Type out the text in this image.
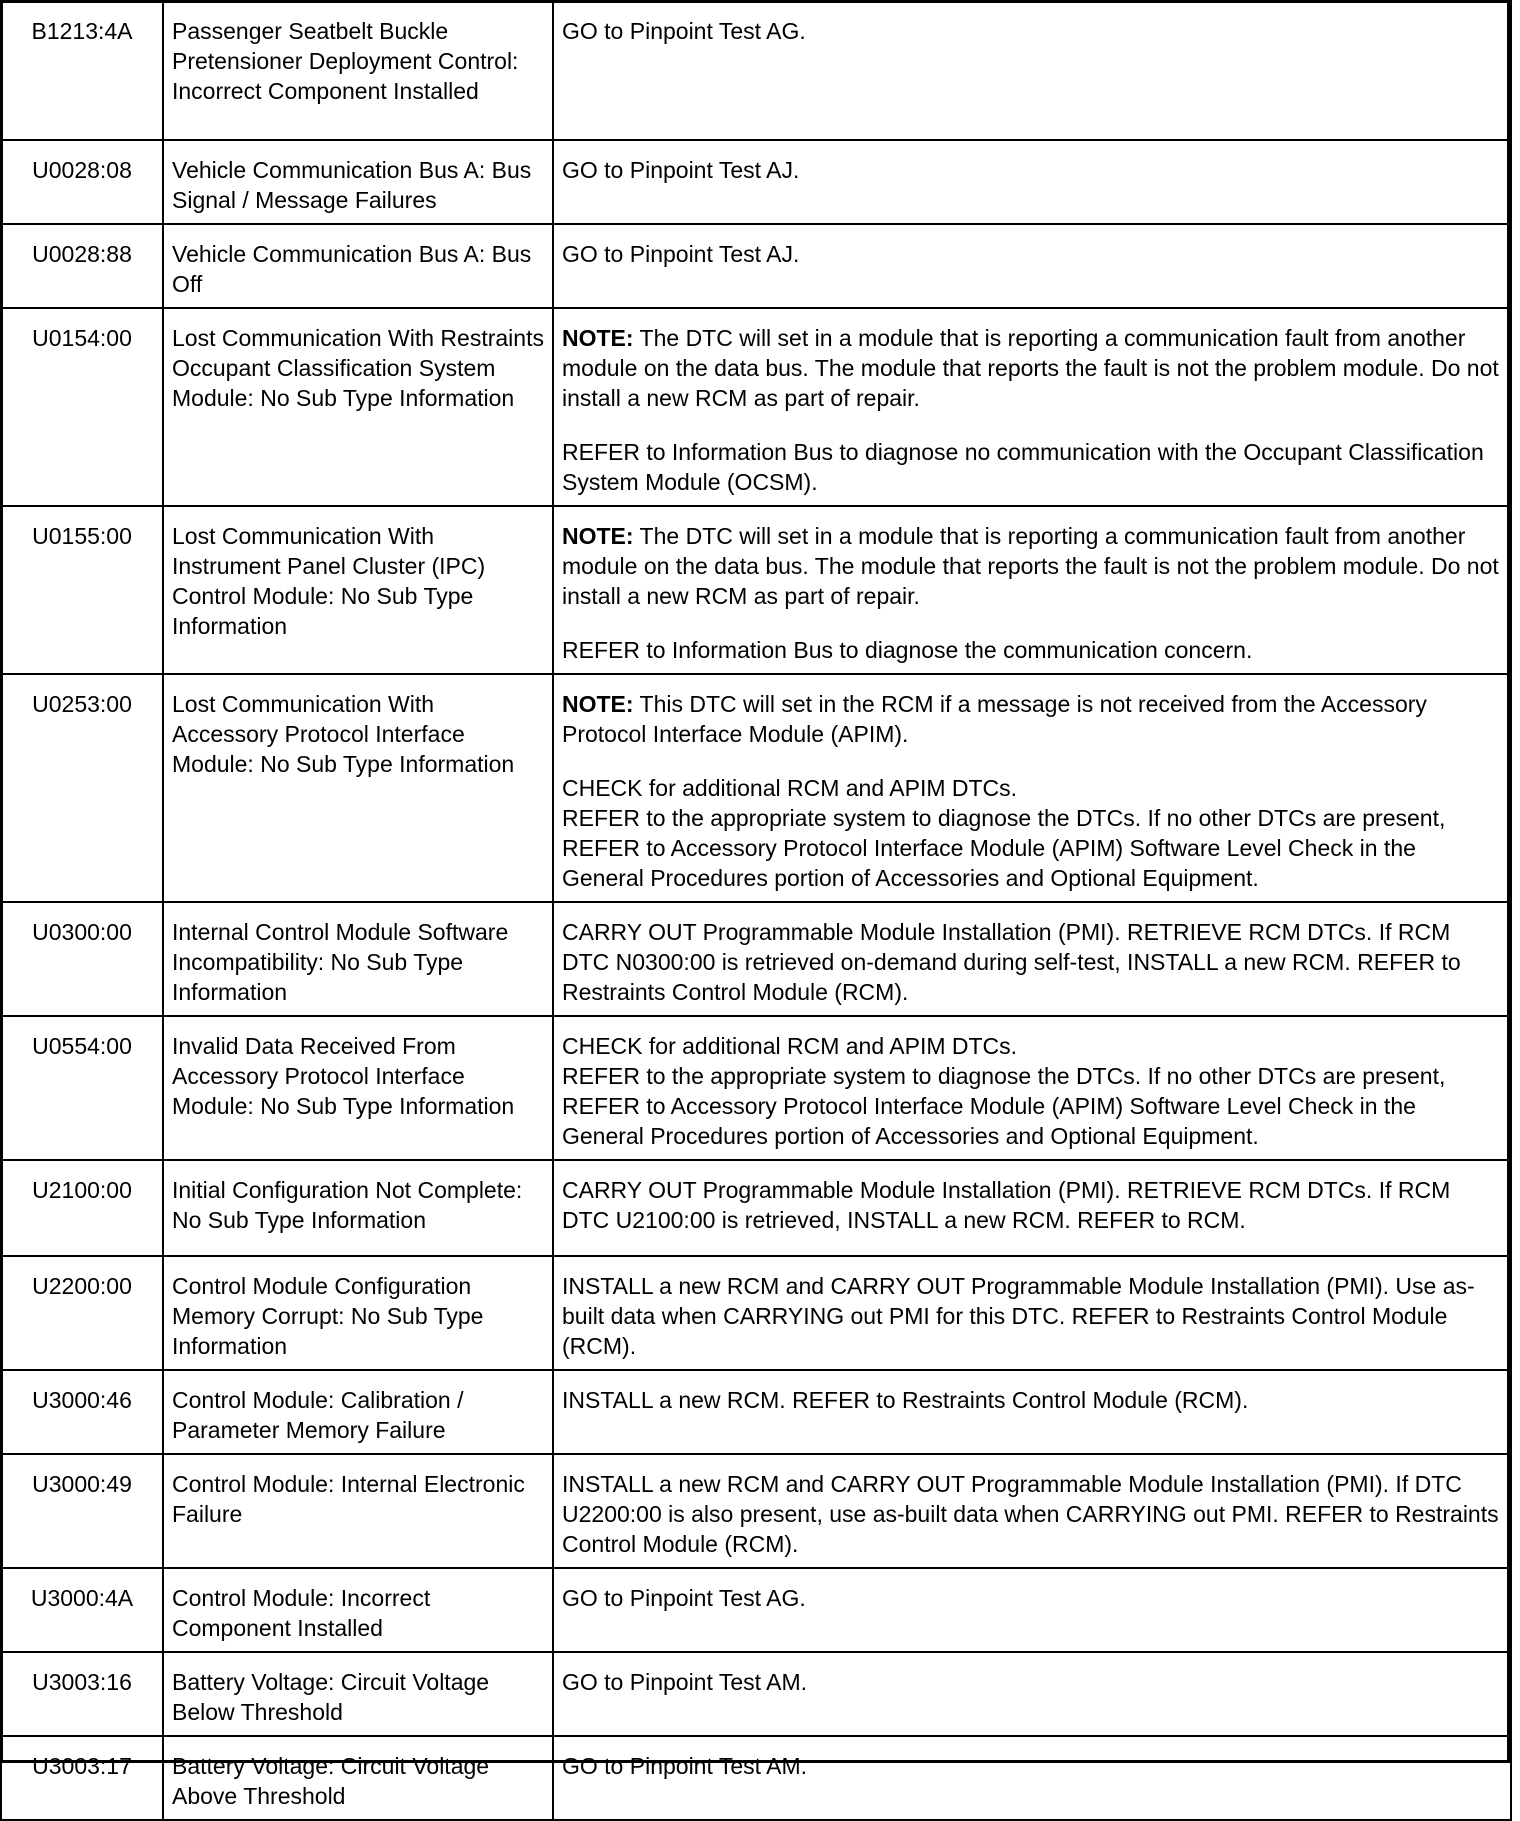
B1213:4A	Passenger Seatbelt Buckle Pretensioner Deployment Control: Incorrect Component Installed	GO to Pinpoint Test AG.

U0028:08	Vehicle Communication Bus A: Bus Signal / Message Failures	GO to Pinpoint Test AJ.

U0028:88	Vehicle Communication Bus A: Bus Off	GO to Pinpoint Test AJ.

U0154:00	Lost Communication With Restraints Occupant Classification System Module: No Sub Type Information	NOTE: The DTC will set in a module that is reporting a communication fault from another module on the data bus. The module that reports the fault is not the problem module. Do not install a new RCM as part of repair.

REFER to Information Bus to diagnose no communication with the Occupant Classification System Module (OCSM).

U0155:00	Lost Communication With Instrument Panel Cluster (IPC) Control Module: No Sub Type Information	NOTE: The DTC will set in a module that is reporting a communication fault from another module on the data bus. The module that reports the fault is not the problem module. Do not install a new RCM as part of repair.

REFER to Information Bus to diagnose the communication concern.

U0253:00	Lost Communication With Accessory Protocol Interface Module: No Sub Type Information	NOTE: This DTC will set in the RCM if a message is not received from the Accessory Protocol Interface Module (APIM).

CHECK for additional RCM and APIM DTCs.
REFER to the appropriate system to diagnose the DTCs. If no other DTCs are present, REFER to Accessory Protocol Interface Module (APIM) Software Level Check in the General Procedures portion of Accessories and Optional Equipment.

U0300:00	Internal Control Module Software Incompatibility: No Sub Type Information	CARRY OUT Programmable Module Installation (PMI). RETRIEVE RCM DTCs. If RCM DTC N0300:00 is retrieved on-demand during self-test, INSTALL a new RCM. REFER to Restraints Control Module (RCM).

U0554:00	Invalid Data Received From Accessory Protocol Interface Module: No Sub Type Information	CHECK for additional RCM and APIM DTCs.
REFER to the appropriate system to diagnose the DTCs. If no other DTCs are present, REFER to Accessory Protocol Interface Module (APIM) Software Level Check in the General Procedures portion of Accessories and Optional Equipment.

U2100:00	Initial Configuration Not Complete: No Sub Type Information	CARRY OUT Programmable Module Installation (PMI). RETRIEVE RCM DTCs. If RCM DTC U2100:00 is retrieved, INSTALL a new RCM. REFER to RCM.

U2200:00	Control Module Configuration Memory Corrupt: No Sub Type Information	INSTALL a new RCM and CARRY OUT Programmable Module Installation (PMI). Use as-built data when CARRYING out PMI for this DTC. REFER to Restraints Control Module (RCM).

U3000:46	Control Module: Calibration / Parameter Memory Failure	INSTALL a new RCM. REFER to Restraints Control Module (RCM).

U3000:49	Control Module: Internal Electronic Failure	INSTALL a new RCM and CARRY OUT Programmable Module Installation (PMI). If DTC U2200:00 is also present, use as-built data when CARRYING out PMI. REFER to Restraints Control Module (RCM).

U3000:4A	Control Module: Incorrect Component Installed	GO to Pinpoint Test AG.

U3003:16	Battery Voltage: Circuit Voltage Below Threshold	GO to Pinpoint Test AM.

U3003:17	Battery Voltage: Circuit Voltage Above Threshold	GO to Pinpoint Test AM.
